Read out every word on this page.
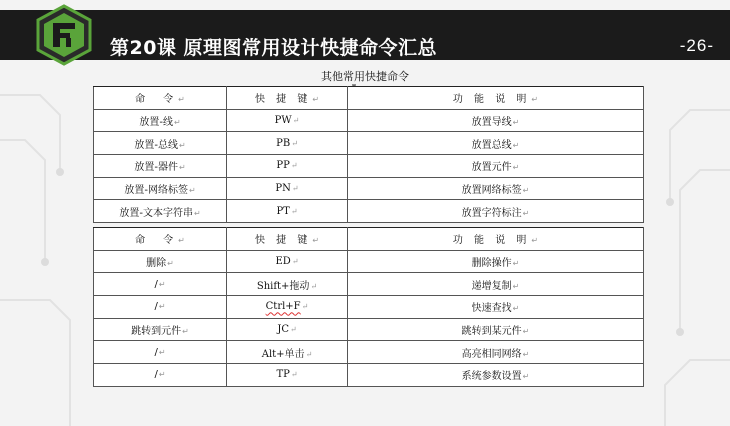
第20课 原理图常用设计快捷命令汇总	-26-
其他常用快捷命令
命　令↵	快 捷 键↵	功 能 说 明↵
放置-线↵	PW↵	放置导线↵
放置-总线↵	PB↵	放置总线↵
放置-器件↵	PP↵	放置元件↵
放置-网络标签↵	PN↵	放置网络标签↵
放置-文本字符串↵	PT↵	放置字符标注↵
命　令↵	快 捷 键↵	功 能 说 明↵
删除↵	ED↵	删除操作↵
/↵	Shift+拖动↵	递增复制↵
/↵	Ctrl+F↵	快速查找↵
跳转到元件↵	JC↵	跳转到某元件↵
/↵	Alt+单击↵	高亮相同网络↵
/↵	TP↵	系统参数设置↵
